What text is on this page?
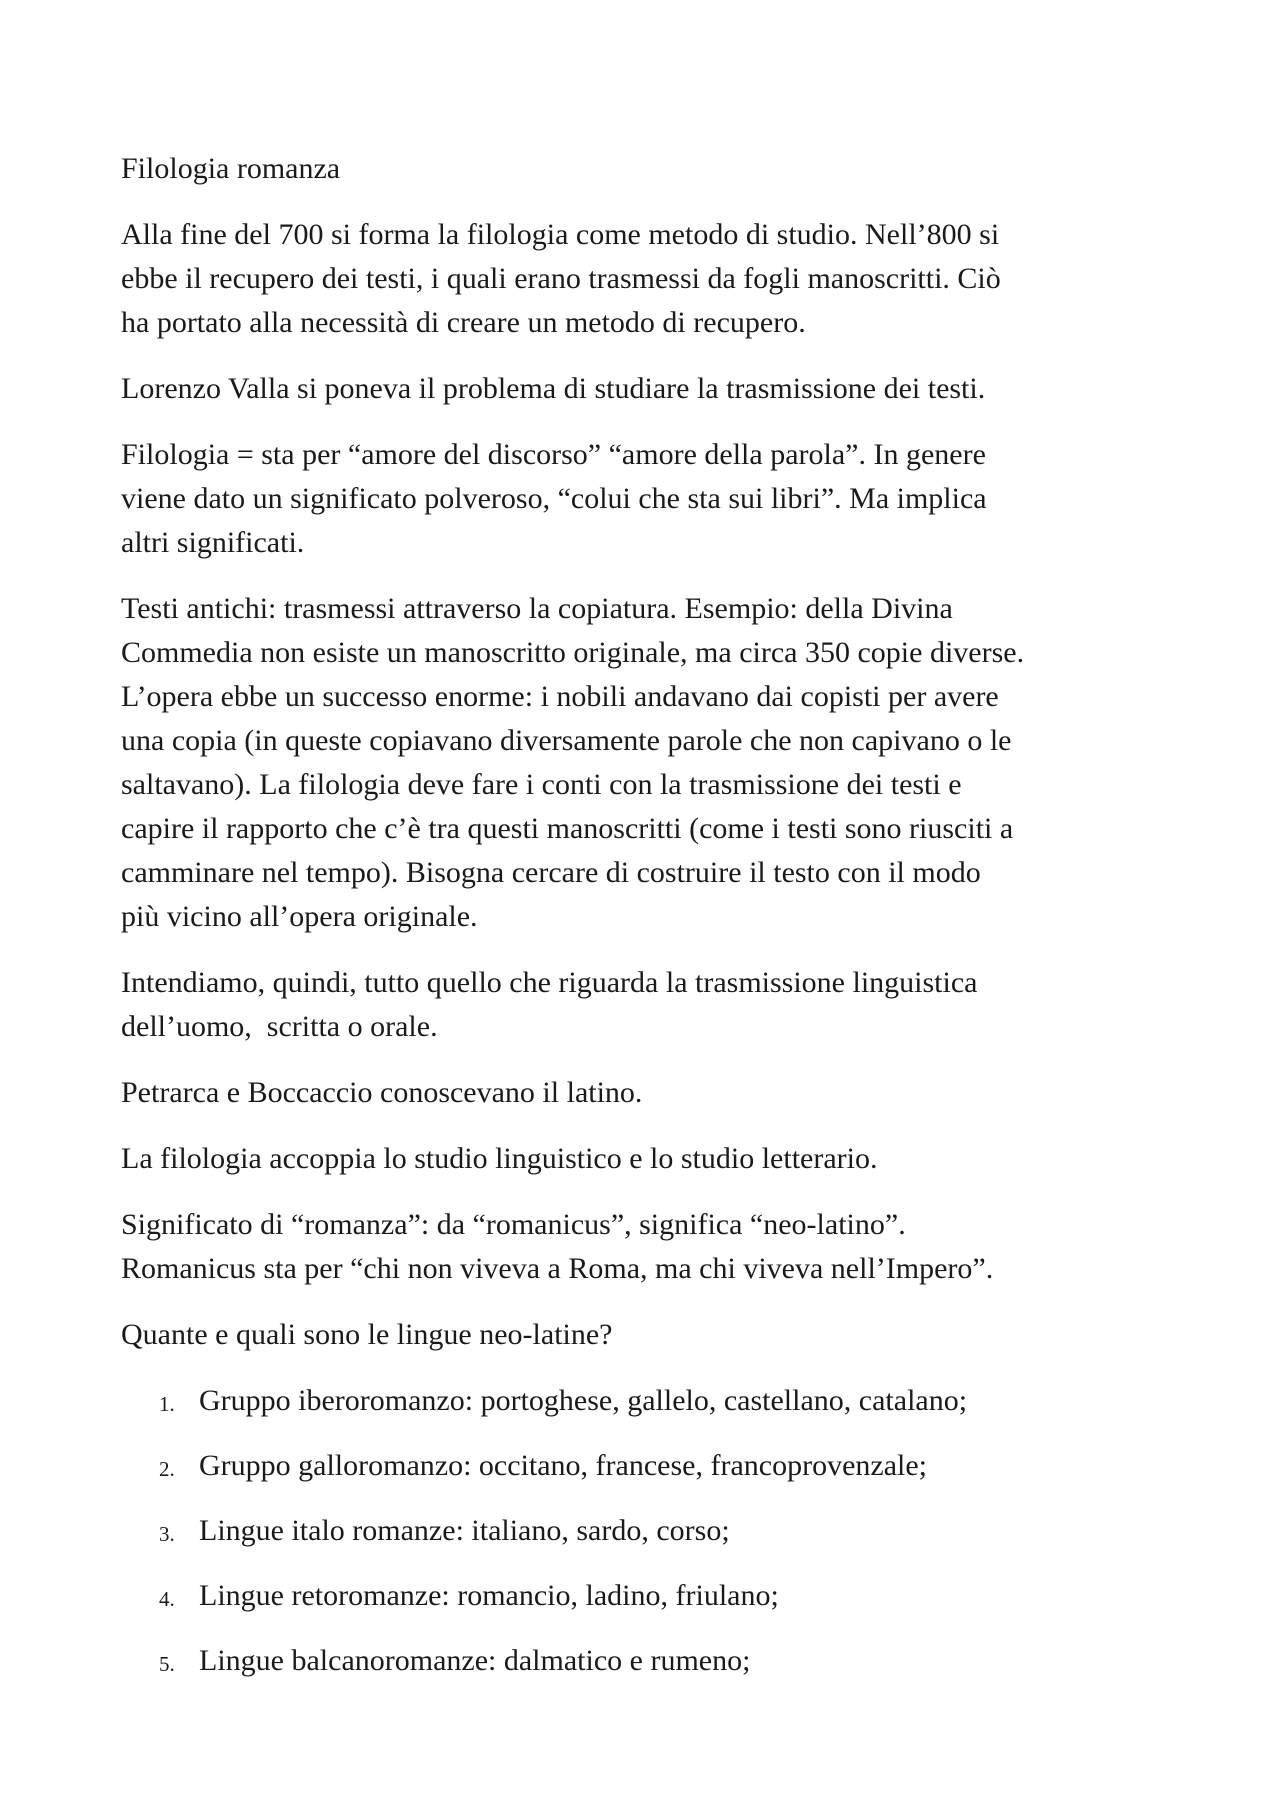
Filologia romanza

Alla fine del 700 si forma la filologia come metodo di studio. Nell’800 si
ebbe il recupero dei testi, i quali erano trasmessi da fogli manoscritti. Ciò
ha portato alla necessità di creare un metodo di recupero.

Lorenzo Valla si poneva il problema di studiare la trasmissione dei testi.

Filologia = sta per “amore del discorso” “amore della parola”. In genere
viene dato un significato polveroso, “colui che sta sui libri”. Ma implica
altri significati.

Testi antichi: trasmessi attraverso la copiatura. Esempio: della Divina
Commedia non esiste un manoscritto originale, ma circa 350 copie diverse.
L’opera ebbe un successo enorme: i nobili andavano dai copisti per avere
una copia (in queste copiavano diversamente parole che non capivano o le
saltavano). La filologia deve fare i conti con la trasmissione dei testi e
capire il rapporto che c’è tra questi manoscritti (come i testi sono riusciti a
camminare nel tempo). Bisogna cercare di costruire il testo con il modo
più vicino all’opera originale.

Intendiamo, quindi, tutto quello che riguarda la trasmissione linguistica
dell’uomo,  scritta o orale.

Petrarca e Boccaccio conoscevano il latino.

La filologia accoppia lo studio linguistico e lo studio letterario.

Significato di “romanza”: da “romanicus”, significa “neo-latino”.
Romanicus sta per “chi non viveva a Roma, ma chi viveva nell’Impero”.

Quante e quali sono le lingue neo-latine?

1. Gruppo iberoromanzo: portoghese, gallelo, castellano, catalano;
2. Gruppo galloromanzo: occitano, francese, francoprovenzale;
3. Lingue italo romanze: italiano, sardo, corso;
4. Lingue retoromanze: romancio, ladino, friulano;
5. Lingue balcanoromanze: dalmatico e rumeno;
